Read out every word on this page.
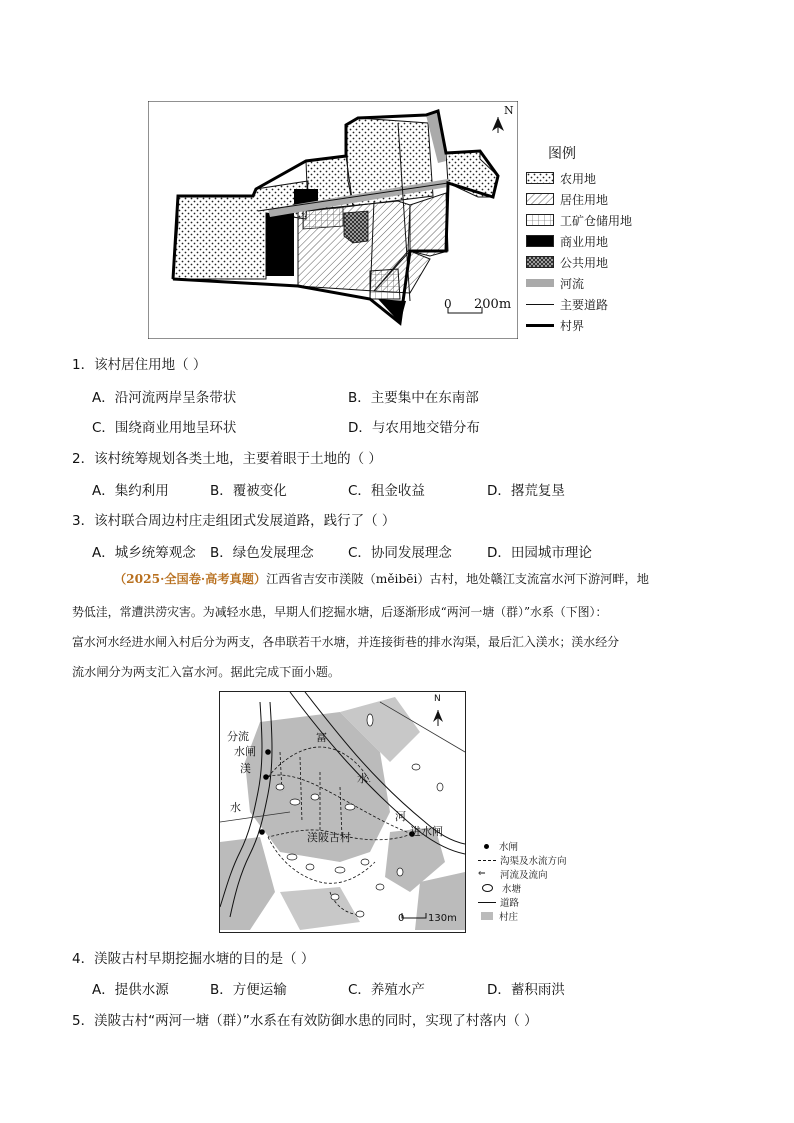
N
0 200m
图例
农用地
居住用地
工矿仓储用地
商业用地
公共用地
河流
主要道路
村界
1．该村居住用地（ ）
A．沿河流两岸呈条带状	B．主要集中在东南部
C．围绕商业用地呈环状	D．与农用地交错分布
2．该村统筹规划各类土地，主要着眼于土地的（ ）
A．集约利用	B．覆被变化	C．租金收益	D．撂荒复垦
3．该村联合周边村庄走组团式发展道路，践行了（ ）
A．城乡统筹观念 B．绿色发展理念	C．协同发展理念	D．田园城市理论
（2025·全国卷·高考真题）江西省吉安市渼陂（měibēi）古村，地处赣江支流富水河下游河畔，地
势低洼，常遭洪涝灾害。为减轻水患，早期人们挖掘水塘，后逐渐形成“两河一塘（群）”水系（下图）：
富水河水经进水闸入村后分为两支，各串联若干水塘，并连接街巷的排水沟渠，最后汇入渼水；渼水经分
流水闸分为两支汇入富水河。据此完成下面小题。
N
分流
水闸
渼
水
富
水
河
渼陂古村	进水闸
0 130m
水闸
沟渠及水流方向
⇐	河流及流向
水塘
道路
村庄
4．渼陂古村早期挖掘水塘的目的是（ ）
A．提供水源	B．方便运输	C．养殖水产	D．蓄积雨洪
5．渼陂古村“两河一塘（群）”水系在有效防御水患的同时，实现了村落内（ ）
